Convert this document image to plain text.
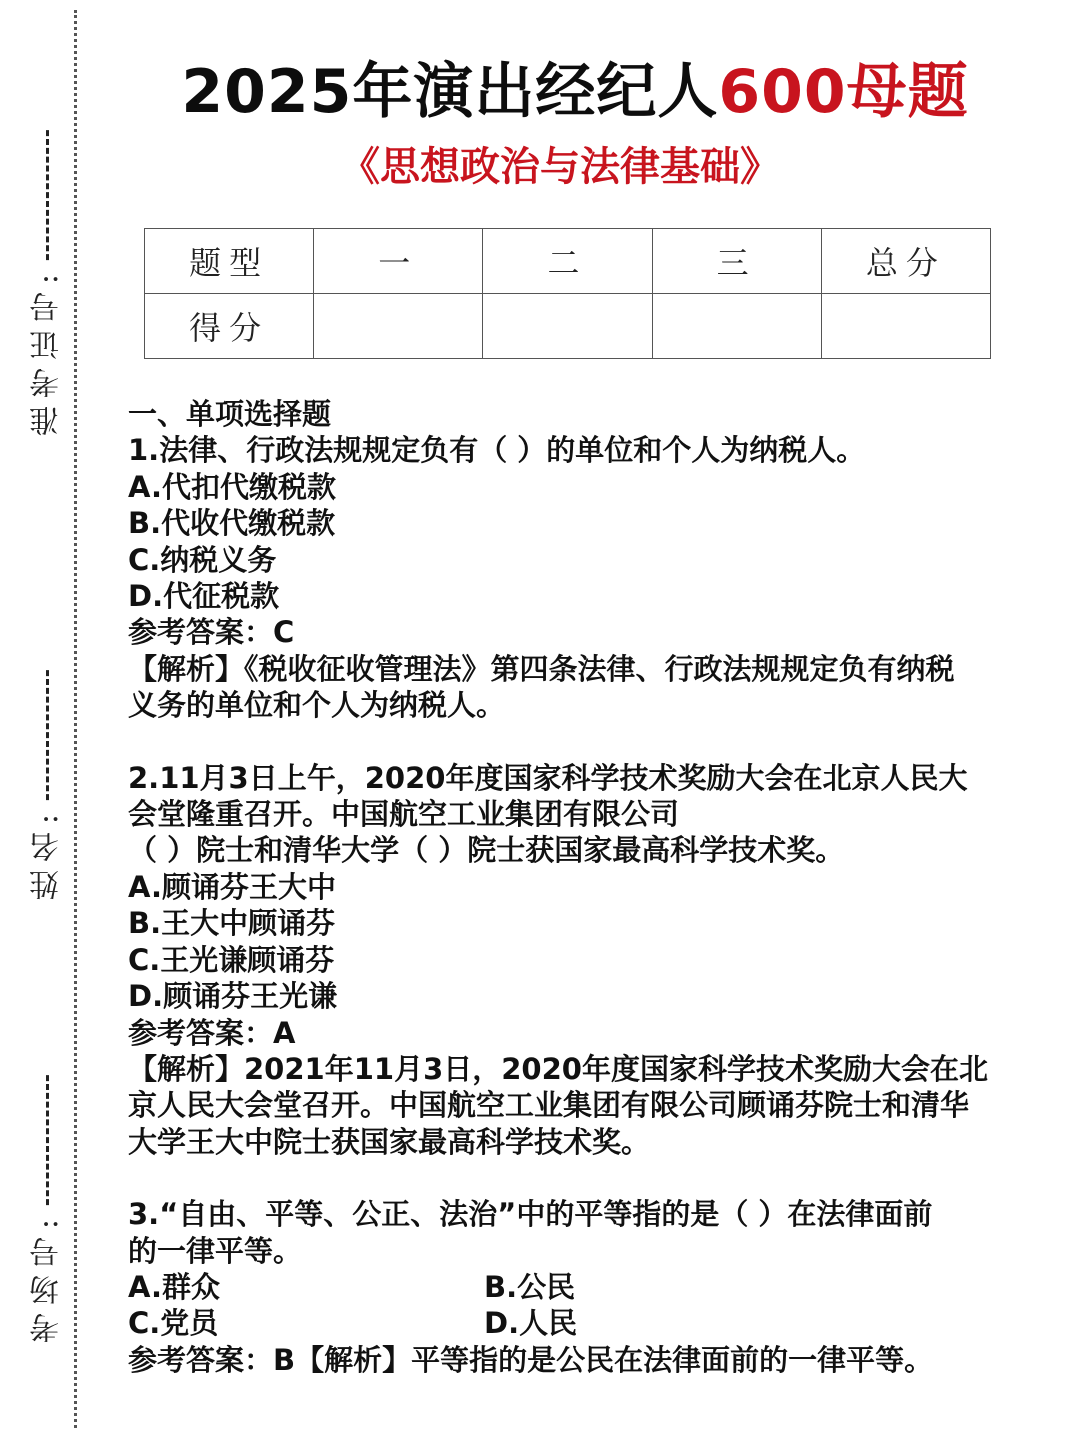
准考证号:
姓名:
考场号:
2025年演出经纪人600母题
《思想政治与法律基础》
题型	一	二	三	总分
得分				

一、单项选择题

1.法律、行政法规规定负有（ ）的单位和个人为纳税人。

A.代扣代缴税款

B.代收代缴税款

C.纳税义务

D.代征税款

参考答案：C

【解析】《税收征收管理法》第四条法律、行政法规规定负有纳税

义务的单位和个人为纳税人。

2.11月3日上午，2020年度国家科学技术奖励大会在北京人民大

会堂隆重召开。中国航空工业集团有限公司

（ ）院士和清华大学（ ）院士获国家最高科学技术奖。

A.顾诵芬王大中

B.王大中顾诵芬

C.王光谦顾诵芬

D.顾诵芬王光谦

参考答案：A

【解析】2021年11月3日，2020年度国家科学技术奖励大会在北

京人民大会堂召开。中国航空工业集团有限公司顾诵芬院士和清华

大学王大中院士获国家最高科学技术奖。

3.“自由、平等、公正、法治”中的平等指的是（ ）在法律面前

的一律平等。

A.群众	B.公民
C.党员	D.人民

参考答案：B【解析】平等指的是公民在法律面前的一律平等。
